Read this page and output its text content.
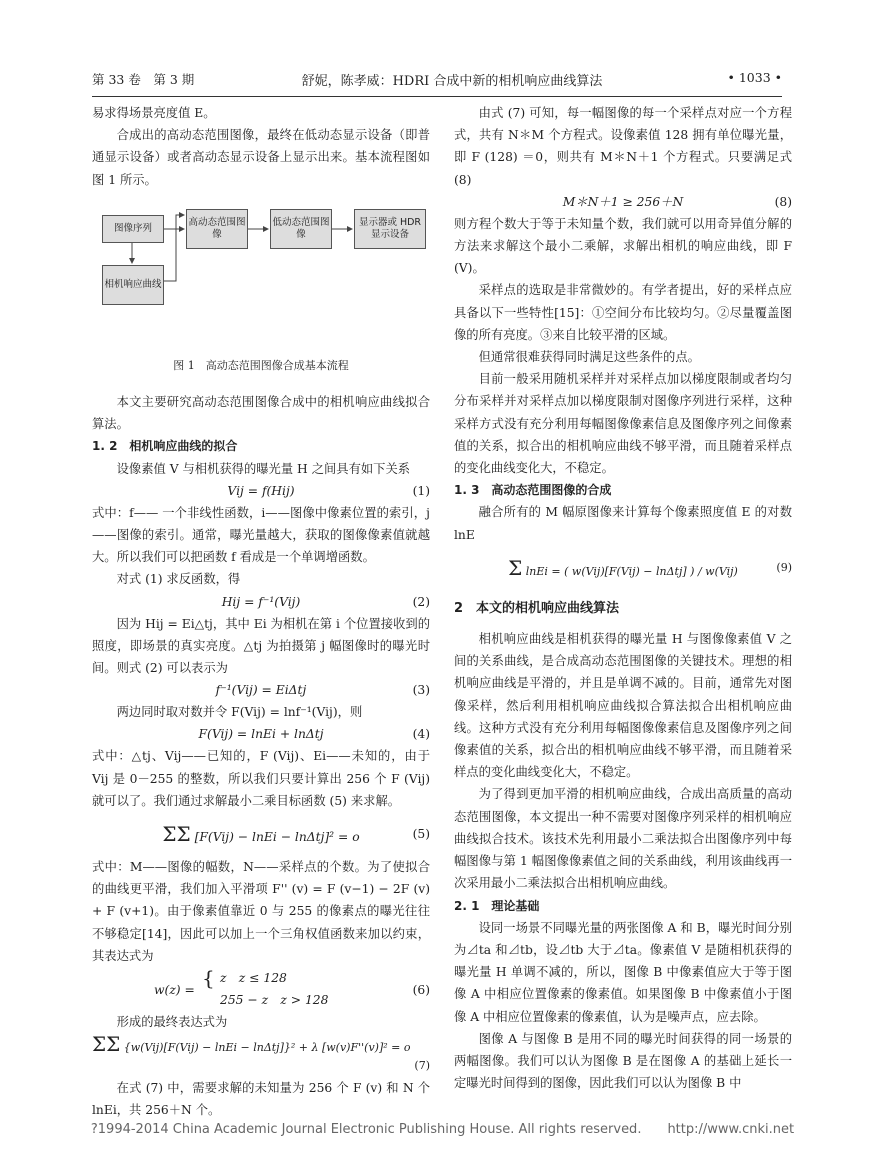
第 33 卷　第 3 期	舒妮，陈孝威：HDRI 合成中新的相机响应曲线算法	• 1033 •

易求得场景亮度值 E。

合成出的高动态范围图像，最终在低动态显示设备（即普通显示设备）或者高动态显示设备上显示出来。基本流程图如图 1 所示。

图像序列
高动态范围图像
低动态范围图像
显示器或 HDR 显示设备
相机响应曲线
图 1　高动态范围图像合成基本流程

本文主要研究高动态范围图像合成中的相机响应曲线拟合算法。

1. 2　相机响应曲线的拟合

设像素值 V 与相机获得的曝光量 H 之间具有如下关系

Vij = f(Hij)	(1)

式中：f—— 一个非线性函数，i——图像中像素位置的索引，j——图像的索引。通常，曝光量越大，获取的图像像素值就越大。所以我们可以把函数 f 看成是一个单调增函数。

对式 (1) 求反函数，得

Hij = f⁻¹(Vij)	(2)

因为 Hij = Ei△tj，其中 Ei 为相机在第 i 个位置接收到的照度，即场景的真实亮度。△tj 为拍摄第 j 幅图像时的曝光时间。则式 (2) 可以表示为

f⁻¹(Vij) = EiΔtj	(3)

两边同时取对数并令 F(Vij) = lnf⁻¹(Vij)，则

F(Vij) = lnEi + lnΔtj	(4)

式中：△tj、Vij——已知的，F (Vij)、Ei——未知的，由于 Vij 是 0－255 的整数，所以我们只要计算出 256 个 F (Vij) 就可以了。我们通过求解最小二乘目标函数 (5) 来求解。

ΣΣ [F(Vij) − lnEi − lnΔtj]² = o	(5)

式中：M——图像的幅数，N——采样点的个数。为了使拟合的曲线更平滑，我们加入平滑项 F'' (v) = F (v−1) − 2F (v) + F (v+1)。由于像素值靠近 0 与 255 的像素点的曝光往往不够稳定[14]，因此可以加上一个三角权值函数来加以约束，其表达式为

w(z) = { z　z ≤ 128
255 − z　z > 128
(6)

形成的最终表达式为

ΣΣ {w(Vij)[F(Vij) − lnEi − lnΔtj]}² + λ [w(v)F''(v)]² = o
(7)

在式 (7) 中，需要求解的未知量为 256 个 F (v) 和 N 个 lnEi，共 256＋N 个。

由式 (7) 可知，每一幅图像的每一个采样点对应一个方程式，共有 N＊M 个方程式。设像素值 128 拥有单位曝光量，即 F (128) ＝0，则共有 M＊N＋1 个方程式。只要满足式 (8)

M＊N＋1 ≥ 256＋N	(8)

则方程个数大于等于未知量个数，我们就可以用奇异值分解的方法来求解这个最小二乘解，求解出相机的响应曲线，即 F (V)。

采样点的选取是非常微妙的。有学者提出，好的采样点应具备以下一些特性[15]：①空间分布比较均匀。②尽量覆盖图像的所有亮度。③来自比较平滑的区域。

但通常很难获得同时满足这些条件的点。

目前一般采用随机采样并对采样点加以梯度限制或者均匀分布采样并对采样点加以梯度限制对图像序列进行采样，这种采样方式没有充分利用每幅图像像素信息及图像序列之间像素值的关系，拟合出的相机响应曲线不够平滑，而且随着采样点的变化曲线变化大，不稳定。

1. 3　高动态范围图像的合成

融合所有的 M 幅原图像来计算每个像素照度值 E 的对数 lnE

Σ lnEi = ( w(Vij)[F(Vij) − lnΔtj] ) / w(Vij)	(9)

2　本文的相机响应曲线算法

相机响应曲线是相机获得的曝光量 H 与图像像素值 V 之间的关系曲线，是合成高动态范围图像的关键技术。理想的相机响应曲线是平滑的，并且是单调不减的。目前，通常先对图像采样，然后利用相机响应曲线拟合算法拟合出相机响应曲线。这种方式没有充分利用每幅图像像素信息及图像序列之间像素值的关系，拟合出的相机响应曲线不够平滑，而且随着采样点的变化曲线变化大，不稳定。

为了得到更加平滑的相机响应曲线，合成出高质量的高动态范围图像，本文提出一种不需要对图像序列采样的相机响应曲线拟合技术。该技术先利用最小二乘法拟合出图像序列中每幅图像与第 1 幅图像像素值之间的关系曲线，利用该曲线再一次采用最小二乘法拟合出相机响应曲线。

2. 1　理论基础

设同一场景不同曝光量的两张图像 A 和 B，曝光时间分别为⊿ta 和⊿tb，设⊿tb 大于⊿ta。像素值 V 是随相机获得的曝光量 H 单调不减的，所以，图像 B 中像素值应大于等于图像 A 中相应位置像素的像素值。如果图像 B 中像素值小于图像 A 中相应位置像素的像素值，认为是噪声点，应去除。

图像 A 与图像 B 是用不同的曝光时间获得的同一场景的两幅图像。我们可以认为图像 B 是在图像 A 的基础上延长一定曝光时间得到的图像，因此我们可以认为图像 B 中

?1994-2014 China Academic Journal Electronic Publishing House. All rights reserved.　　http://www.cnki.net
